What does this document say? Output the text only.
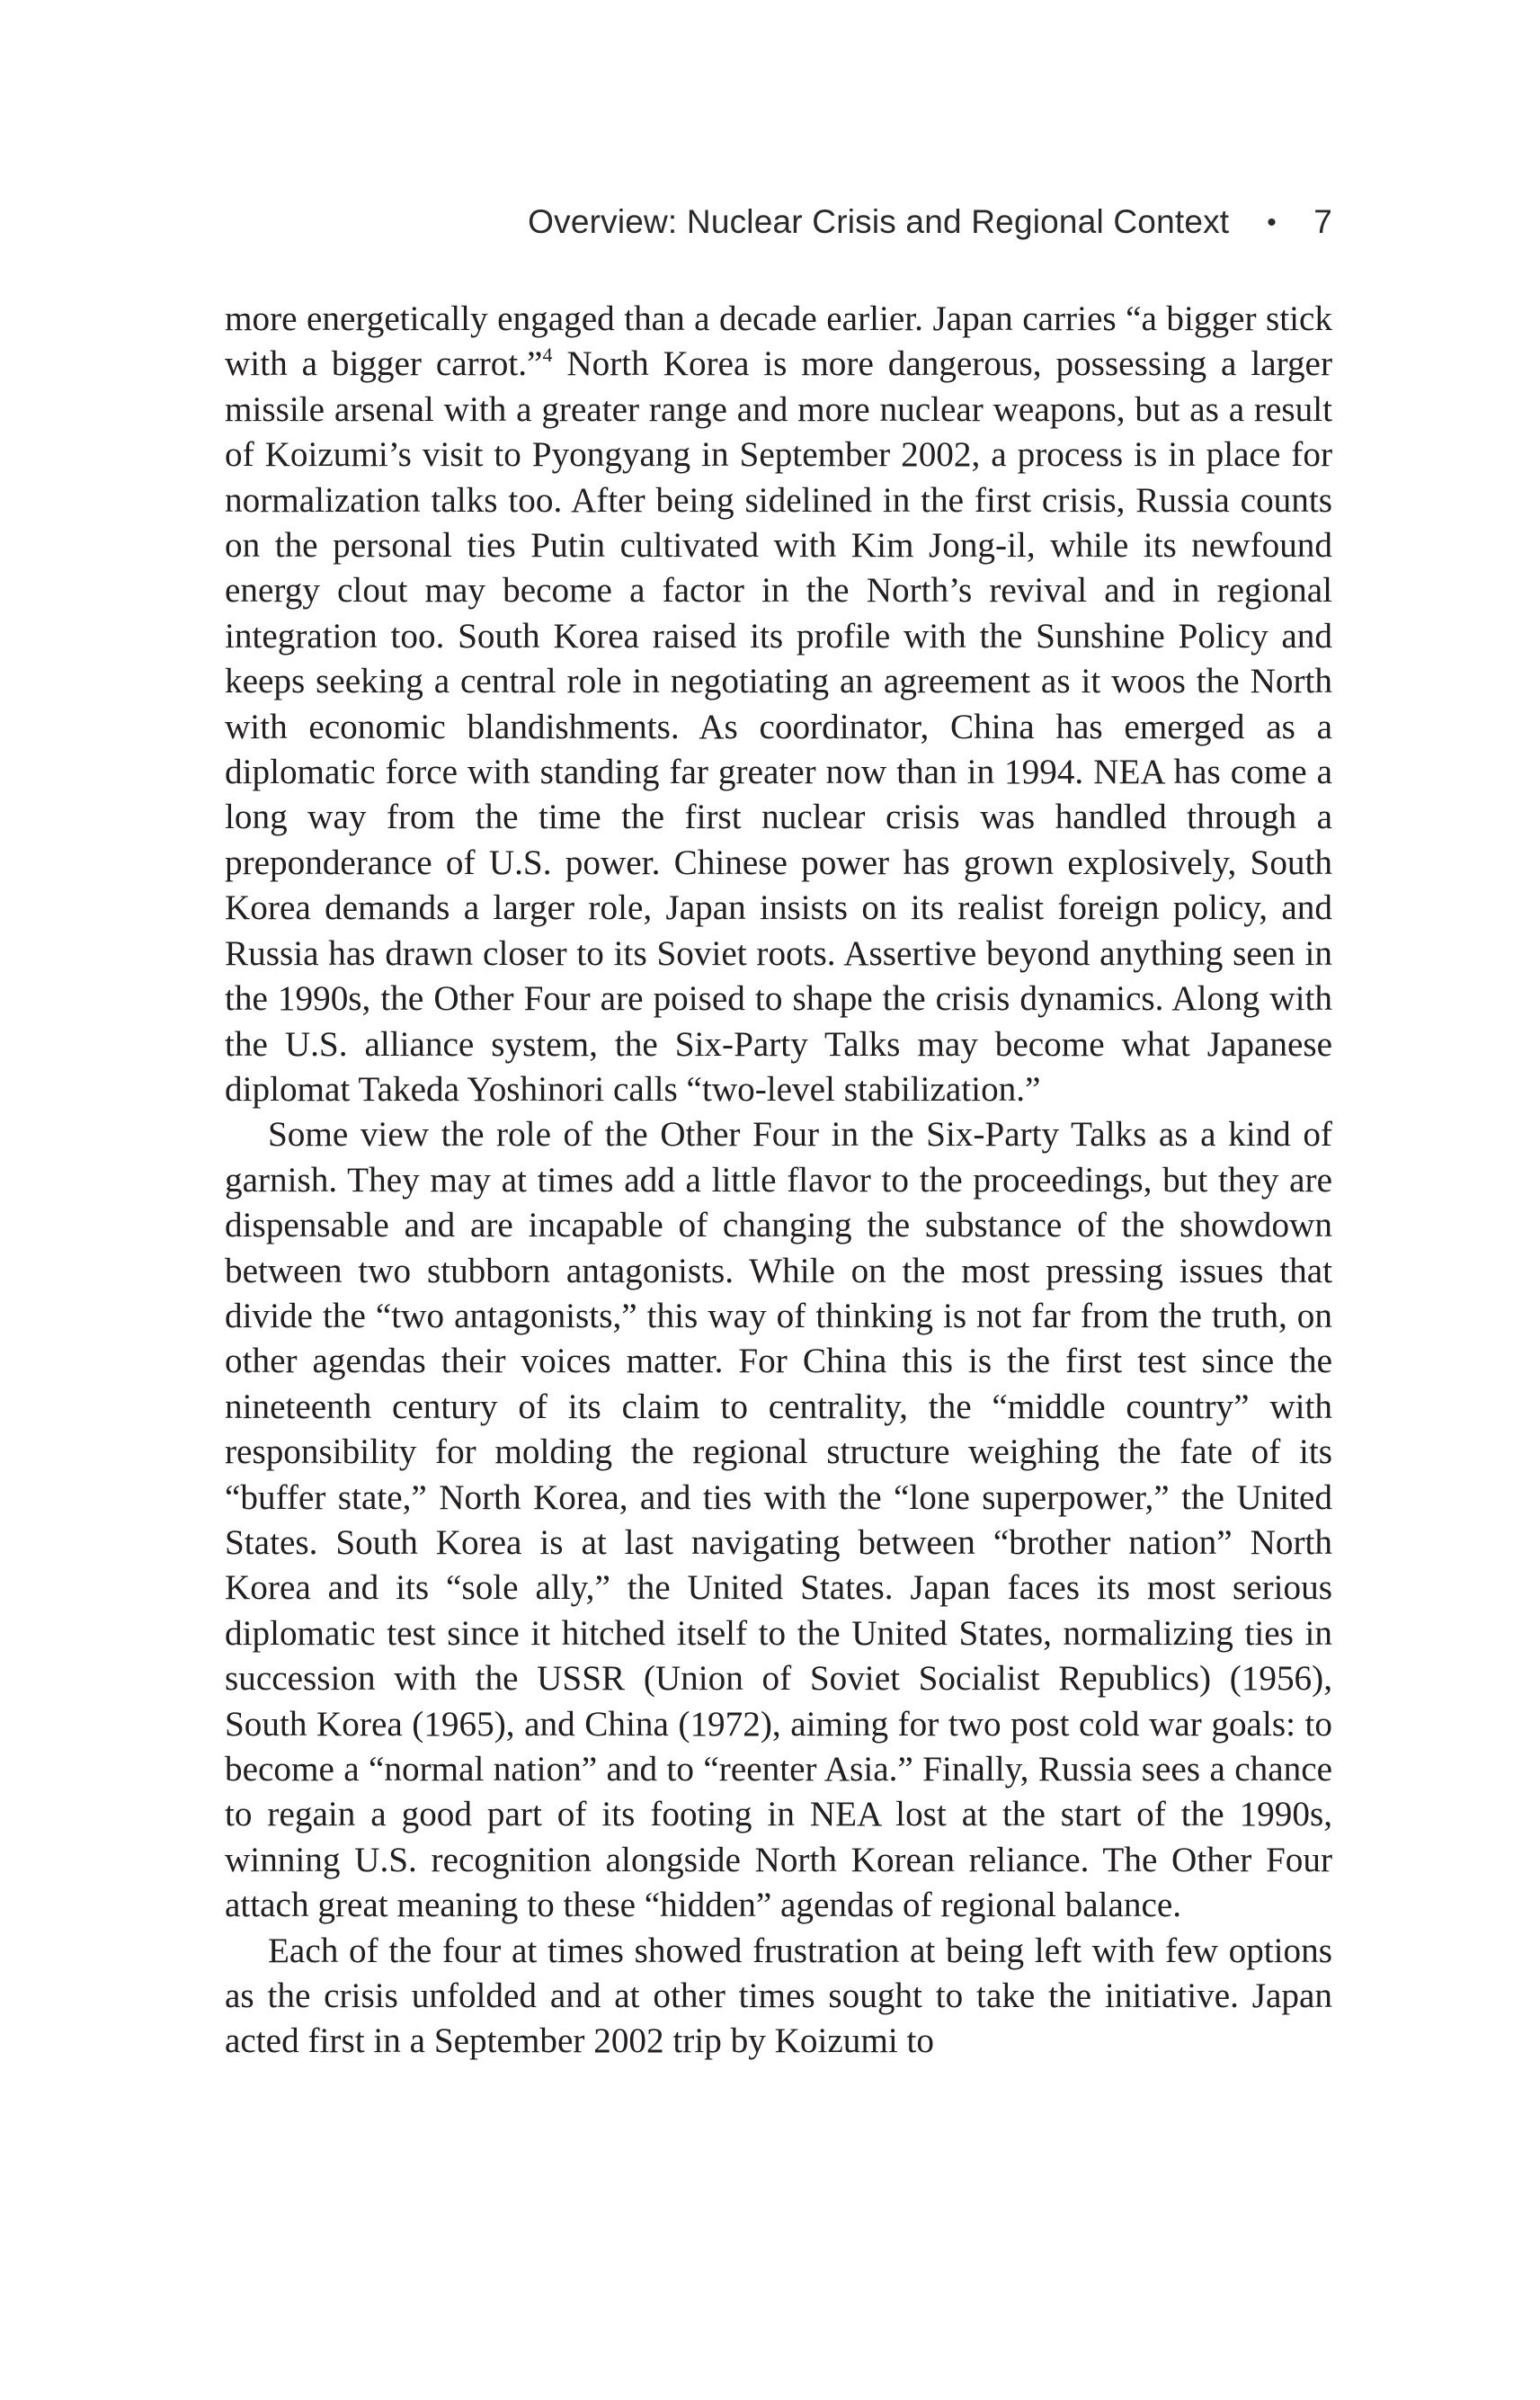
Overview: Nuclear Crisis and Regional Context • 7

more energetically engaged than a decade earlier. Japan carries “a bigger stick with a bigger carrot.”$^4$ North Korea is more dangerous, possessing a larger missile arsenal with a greater range and more nuclear weapons, but as a result of Koizumi’s visit to Pyongyang in September 2002, a process is in place for normalization talks too. After being sidelined in the first crisis, Russia counts on the personal ties Putin cultivated with Kim Jong-il, while its newfound energy clout may become a factor in the North’s revival and in regional integration too. South Korea raised its profile with the Sunshine Policy and keeps seeking a central role in negotiating an agreement as it woos the North with economic blandishments. As coordinator, China has emerged as a diplomatic force with standing far greater now than in 1994. NEA has come a long way from the time the first nuclear crisis was handled through a preponderance of U.S. power. Chinese power has grown explosively, South Korea demands a larger role, Japan insists on its realist foreign policy, and Russia has drawn closer to its Soviet roots. Assertive beyond anything seen in the 1990s, the Other Four are poised to shape the crisis dynamics. Along with the U.S. alliance system, the Six-Party Talks may become what Japanese diplomat Takeda Yoshinori calls “two-level stabilization.”

Some view the role of the Other Four in the Six-Party Talks as a kind of garnish. They may at times add a little flavor to the proceedings, but they are dispensable and are incapable of changing the substance of the showdown between two stubborn antagonists. While on the most pressing issues that divide the “two antagonists,” this way of thinking is not far from the truth, on other agendas their voices matter. For China this is the first test since the nineteenth century of its claim to centrality, the “middle country” with responsibility for molding the regional structure weighing the fate of its “buffer state,” North Korea, and ties with the “lone superpower,” the United States. South Korea is at last navigating between “brother nation” North Korea and its “sole ally,” the United States. Japan faces its most serious diplomatic test since it hitched itself to the United States, normalizing ties in succession with the USSR (Union of Soviet Socialist Republics) (1956), South Korea (1965), and China (1972), aiming for two post cold war goals: to become a “normal nation” and to “reenter Asia.” Finally, Russia sees a chance to regain a good part of its footing in NEA lost at the start of the 1990s, winning U.S. recognition alongside North Korean reliance. The Other Four attach great meaning to these “hidden” agendas of regional balance.

Each of the four at times showed frustration at being left with few options as the crisis unfolded and at other times sought to take the initiative. Japan acted first in a September 2002 trip by Koizumi to
